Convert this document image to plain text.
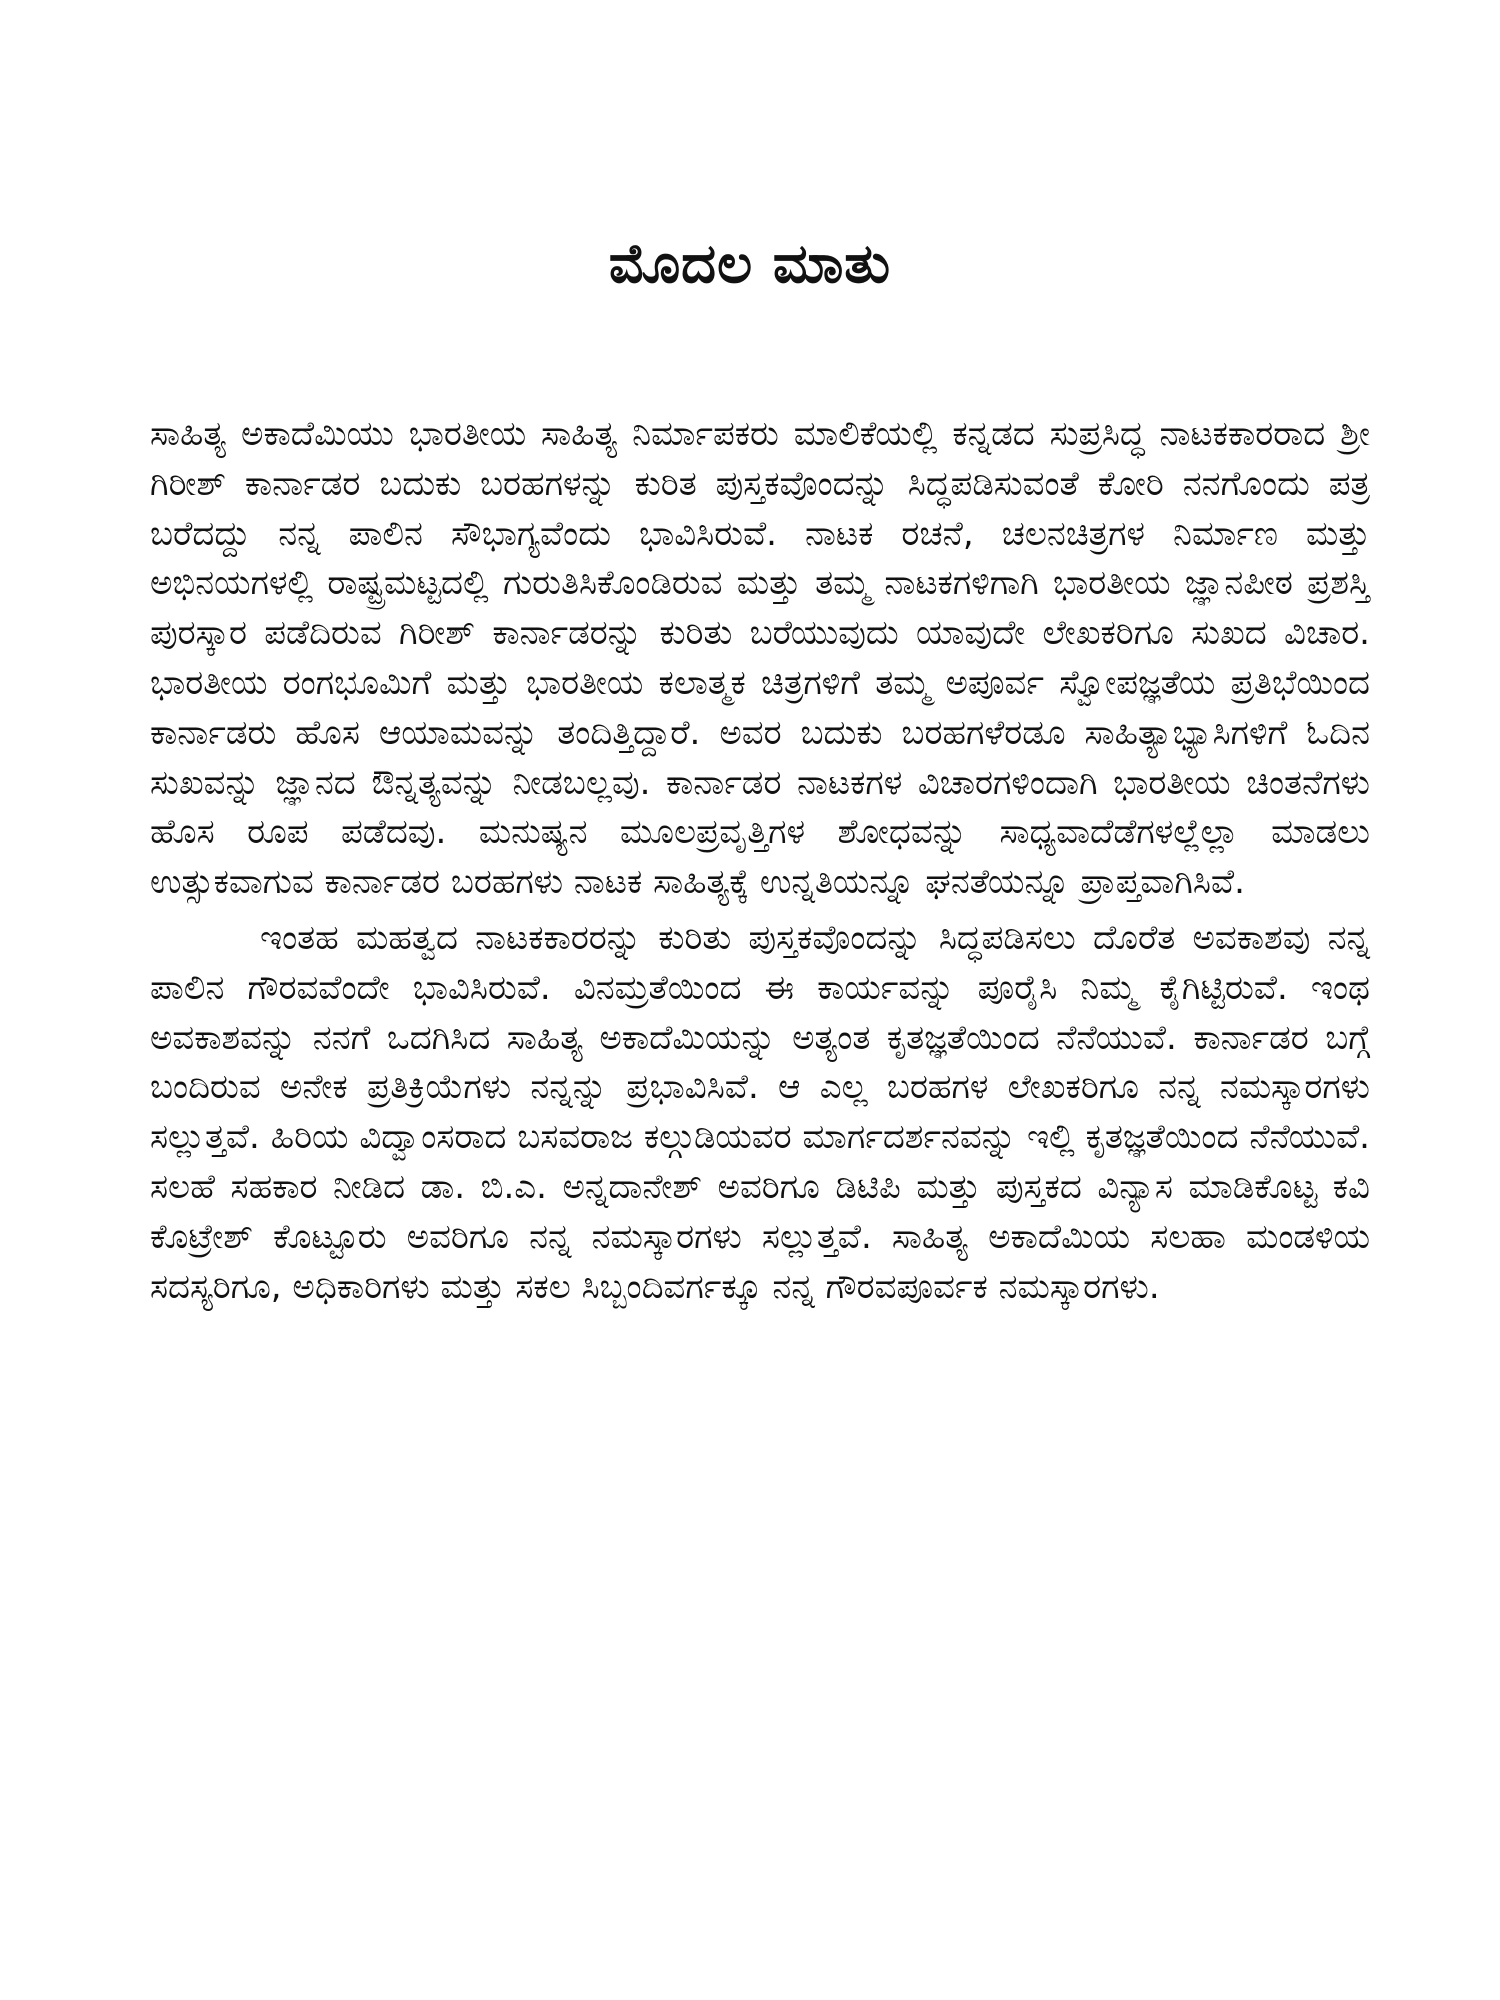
ಮೊದಲ ಮಾತು

ಸಾಹಿತ್ಯ ಅಕಾದೆಮಿಯು ಭಾರತೀಯ ಸಾಹಿತ್ಯ ನಿರ್ಮಾಪಕರು ಮಾಲಿಕೆಯಲ್ಲಿ ಕನ್ನಡದ ಸುಪ್ರಸಿದ್ಧ ನಾಟಕಕಾರರಾದ ಶ್ರೀ ಗಿರೀಶ್ ಕಾರ್ನಾಡರ ಬದುಕು ಬರಹಗಳನ್ನು ಕುರಿತ ಪುಸ್ತಕವೊಂದನ್ನು ಸಿದ್ಧಪಡಿಸುವಂತೆ ಕೋರಿ ನನಗೊಂದು ಪತ್ರ ಬರೆದದ್ದು ನನ್ನ ಪಾಲಿನ ಸೌಭಾಗ್ಯವೆಂದು ಭಾವಿಸಿರುವೆ. ನಾಟಕ ರಚನೆ, ಚಲನಚಿತ್ರಗಳ ನಿರ್ಮಾಣ ಮತ್ತು ಅಭಿನಯಗಳಲ್ಲಿ ರಾಷ್ಟ್ರಮಟ್ಟದಲ್ಲಿ ಗುರುತಿಸಿಕೊಂಡಿರುವ ಮತ್ತು ತಮ್ಮ ನಾಟಕಗಳಿಗಾಗಿ ಭಾರತೀಯ ಜ್ಞಾನಪೀಠ ಪ್ರಶಸ್ತಿ ಪುರಸ್ಕಾರ ಪಡೆದಿರುವ ಗಿರೀಶ್ ಕಾರ್ನಾಡರನ್ನು ಕುರಿತು ಬರೆಯುವುದು ಯಾವುದೇ ಲೇಖಕರಿಗೂ ಸುಖದ ವಿಚಾರ. ಭಾರತೀಯ ರಂಗಭೂಮಿಗೆ ಮತ್ತು ಭಾರತೀಯ ಕಲಾತ್ಮಕ ಚಿತ್ರಗಳಿಗೆ ತಮ್ಮ ಅಪೂರ್ವ ಸ್ವೋಪಜ್ಞತೆಯ ಪ್ರತಿಭೆಯಿಂದ ಕಾರ್ನಾಡರು ಹೊಸ ಆಯಾಮವನ್ನು ತಂದಿತ್ತಿದ್ದಾರೆ. ಅವರ ಬದುಕು ಬರಹಗಳೆರಡೂ ಸಾಹಿತ್ಯಾಭ್ಯಾಸಿಗಳಿಗೆ ಓದಿನ ಸುಖವನ್ನು ಜ್ಞಾನದ ಔನ್ನತ್ಯವನ್ನು ನೀಡಬಲ್ಲವು. ಕಾರ್ನಾಡರ ನಾಟಕಗಳ ವಿಚಾರಗಳಿಂದಾಗಿ ಭಾರತೀಯ ಚಿಂತನೆಗಳು ಹೊಸ ರೂಪ ಪಡೆದವು. ಮನುಷ್ಯನ ಮೂಲಪ್ರವೃತ್ತಿಗಳ ಶೋಧವನ್ನು ಸಾಧ್ಯವಾದೆಡೆಗಳಲ್ಲೆಲ್ಲಾ ಮಾಡಲು ಉತ್ಸುಕವಾಗುವ ಕಾರ್ನಾಡರ ಬರಹಗಳು ನಾಟಕ ಸಾಹಿತ್ಯಕ್ಕೆ ಉನ್ನತಿಯನ್ನೂ ಘನತೆಯನ್ನೂ ಪ್ರಾಪ್ತವಾಗಿಸಿವೆ.

ಇಂತಹ ಮಹತ್ವದ ನಾಟಕಕಾರರನ್ನು ಕುರಿತು ಪುಸ್ತಕವೊಂದನ್ನು ಸಿದ್ಧಪಡಿಸಲು ದೊರೆತ ಅವಕಾಶವು ನನ್ನ ಪಾಲಿನ ಗೌರವವೆಂದೇ ಭಾವಿಸಿರುವೆ. ವಿನಮ್ರತೆಯಿಂದ ಈ ಕಾರ್ಯವನ್ನು ಪೂರೈಸಿ ನಿಮ್ಮ ಕೈಗಿಟ್ಟಿರುವೆ. ಇಂಥ ಅವಕಾಶವನ್ನು ನನಗೆ ಒದಗಿಸಿದ ಸಾಹಿತ್ಯ ಅಕಾದೆಮಿಯನ್ನು ಅತ್ಯಂತ ಕೃತಜ್ಞತೆಯಿಂದ ನೆನೆಯುವೆ. ಕಾರ್ನಾಡರ ಬಗ್ಗೆ ಬಂದಿರುವ ಅನೇಕ ಪ್ರತಿಕ್ರಿಯೆಗಳು ನನ್ನನ್ನು ಪ್ರಭಾವಿಸಿವೆ. ಆ ಎಲ್ಲ ಬರಹಗಳ ಲೇಖಕರಿಗೂ ನನ್ನ ನಮಸ್ಕಾರಗಳು ಸಲ್ಲುತ್ತವೆ. ಹಿರಿಯ ವಿದ್ವಾಂಸರಾದ ಬಸವರಾಜ ಕಲ್ಗುಡಿಯವರ ಮಾರ್ಗದರ್ಶನವನ್ನು ಇಲ್ಲಿ ಕೃತಜ್ಞತೆಯಿಂದ ನೆನೆಯುವೆ. ಸಲಹೆ ಸಹಕಾರ ನೀಡಿದ ಡಾ. ಬಿ.ಎ. ಅನ್ನದಾನೇಶ್ ಅವರಿಗೂ ಡಿಟಿಪಿ ಮತ್ತು ಪುಸ್ತಕದ ವಿನ್ಯಾಸ ಮಾಡಿಕೊಟ್ಟ ಕವಿ ಕೊಟ್ರೇಶ್ ಕೊಟ್ಟೂರು ಅವರಿಗೂ ನನ್ನ ನಮಸ್ಕಾರಗಳು ಸಲ್ಲುತ್ತವೆ. ಸಾಹಿತ್ಯ ಅಕಾದೆಮಿಯ ಸಲಹಾ ಮಂಡಳಿಯ ಸದಸ್ಯರಿಗೂ, ಅಧಿಕಾರಿಗಳು ಮತ್ತು ಸಕಲ ಸಿಬ್ಬಂದಿವರ್ಗಕ್ಕೂ ನನ್ನ ಗೌರವಪೂರ್ವಕ ನಮಸ್ಕಾರಗಳು.
